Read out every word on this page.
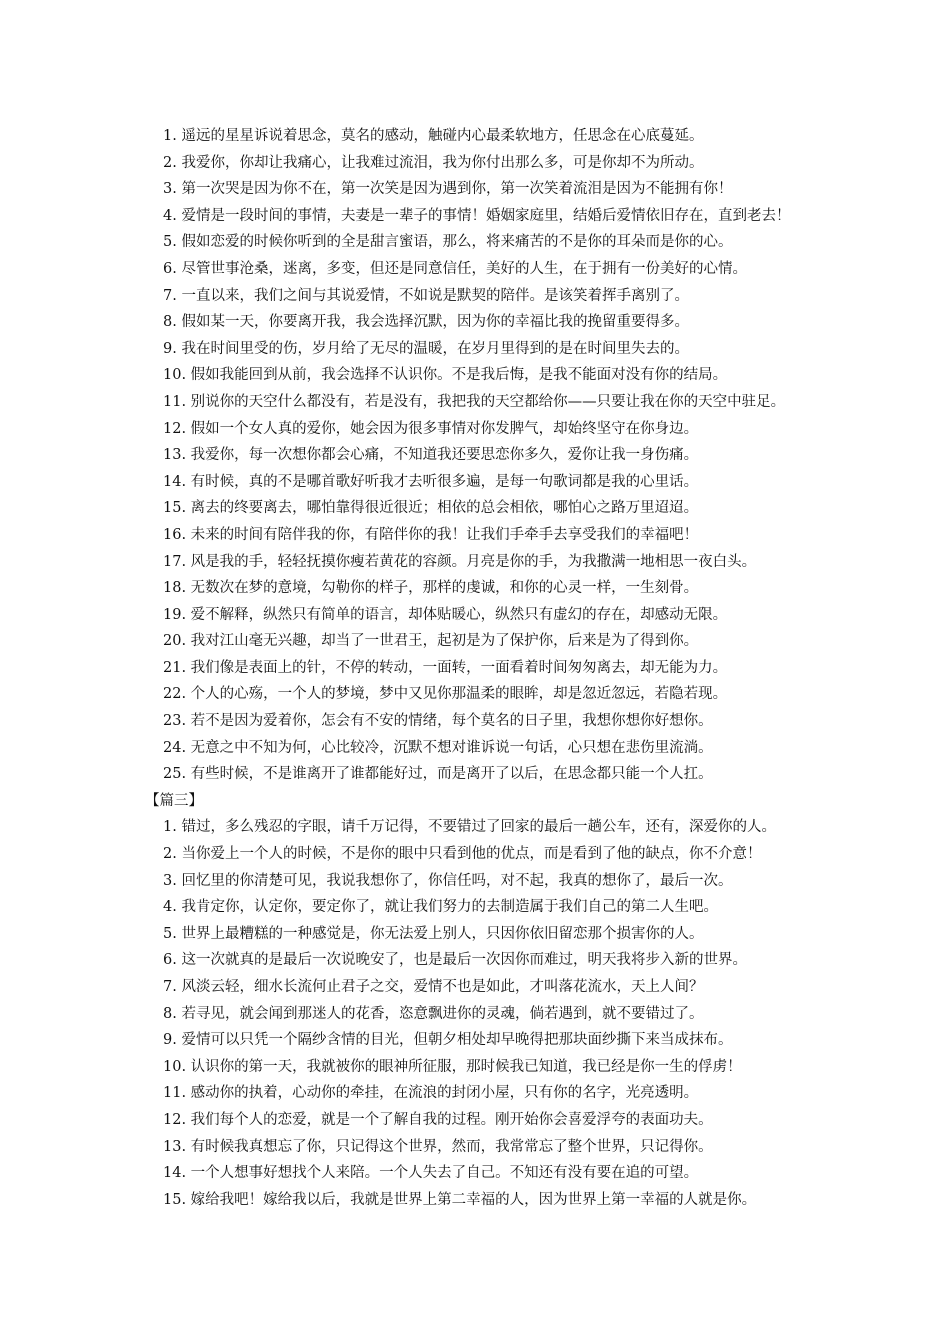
1. 遥远的星星诉说着思念，莫名的感动，触碰内心最柔软地方，任思念在心底蔓延。

2. 我爱你，你却让我痛心，让我难过流泪，我为你付出那么多，可是你却不为所动。

3. 第一次哭是因为你不在，第一次笑是因为遇到你，第一次笑着流泪是因为不能拥有你！

4. 爱情是一段时间的事情，夫妻是一辈子的事情！婚姻家庭里，结婚后爱情依旧存在，直到老去！

5. 假如恋爱的时候你听到的全是甜言蜜语，那么，将来痛苦的不是你的耳朵而是你的心。

6. 尽管世事沧桑，迷离，多变，但还是同意信任，美好的人生，在于拥有一份美好的心情。

7. 一直以来，我们之间与其说爱情，不如说是默契的陪伴。是该笑着挥手离别了。

8. 假如某一天，你要离开我，我会选择沉默，因为你的幸福比我的挽留重要得多。

9. 我在时间里受的伤，岁月给了无尽的温暖，在岁月里得到的是在时间里失去的。

10. 假如我能回到从前，我会选择不认识你。不是我后悔，是我不能面对没有你的结局。

11. 别说你的天空什么都没有，若是没有，我把我的天空都给你——只要让我在你的天空中驻足。

12. 假如一个女人真的爱你，她会因为很多事情对你发脾气，却始终坚守在你身边。

13. 我爱你，每一次想你都会心痛，不知道我还要思恋你多久，爱你让我一身伤痛。

14. 有时候，真的不是哪首歌好听我才去听很多遍，是每一句歌词都是我的心里话。

15. 离去的终要离去，哪怕靠得很近很近；相依的总会相依，哪怕心之路万里迢迢。

16. 未来的时间有陪伴我的你，有陪伴你的我！让我们手牵手去享受我们的幸福吧！

17. 风是我的手，轻轻抚摸你瘦若黄花的容颜。月亮是你的手，为我撒满一地相思一夜白头。

18. 无数次在梦的意境，勾勒你的样子，那样的虔诚，和你的心灵一样，一生刻骨。

19. 爱不解释，纵然只有简单的语言，却体贴暖心，纵然只有虚幻的存在，却感动无限。

20. 我对江山毫无兴趣，却当了一世君王，起初是为了保护你，后来是为了得到你。

21. 我们像是表面上的针，不停的转动，一面转，一面看着时间匆匆离去，却无能为力。

22. 个人的心殇，一个人的梦境，梦中又见你那温柔的眼眸，却是忽近忽远，若隐若现。

23. 若不是因为爱着你，怎会有不安的情绪，每个莫名的日子里，我想你想你好想你。

24. 无意之中不知为何，心比较冷，沉默不想对谁诉说一句话，心只想在悲伤里流淌。

25. 有些时候，不是谁离开了谁都能好过，而是离开了以后，在思念都只能一个人扛。

【篇三】

1. 错过，多么残忍的字眼，请千万记得，不要错过了回家的最后一趟公车，还有，深爱你的人。

2. 当你爱上一个人的时候，不是你的眼中只看到他的优点，而是看到了他的缺点，你不介意！

3. 回忆里的你清楚可见，我说我想你了，你信任吗，对不起，我真的想你了，最后一次。

4. 我肯定你，认定你，要定你了，就让我们努力的去制造属于我们自己的第二人生吧。

5. 世界上最糟糕的一种感觉是，你无法爱上别人，只因你依旧留恋那个损害你的人。

6. 这一次就真的是最后一次说晚安了，也是最后一次因你而难过，明天我将步入新的世界。

7. 风淡云轻，细水长流何止君子之交，爱情不也是如此，才叫落花流水，天上人间？

8. 若寻见，就会闻到那迷人的花香，恣意飘进你的灵魂，倘若遇到，就不要错过了。

9. 爱情可以只凭一个隔纱含情的目光，但朝夕相处却早晚得把那块面纱撕下来当成抹布。

10. 认识你的第一天，我就被你的眼神所征服，那时候我已知道，我已经是你一生的俘虏！

11. 感动你的执着，心动你的牵挂，在流浪的封闭小屋，只有你的名字，光亮透明。

12. 我们每个人的恋爱，就是一个了解自我的过程。刚开始你会喜爱浮夸的表面功夫。

13. 有时候我真想忘了你，只记得这个世界，然而，我常常忘了整个世界，只记得你。

14. 一个人想事好想找个人来陪。一个人失去了自己。不知还有没有要在追的可望。

15. 嫁给我吧！嫁给我以后，我就是世界上第二幸福的人，因为世界上第一幸福的人就是你。
